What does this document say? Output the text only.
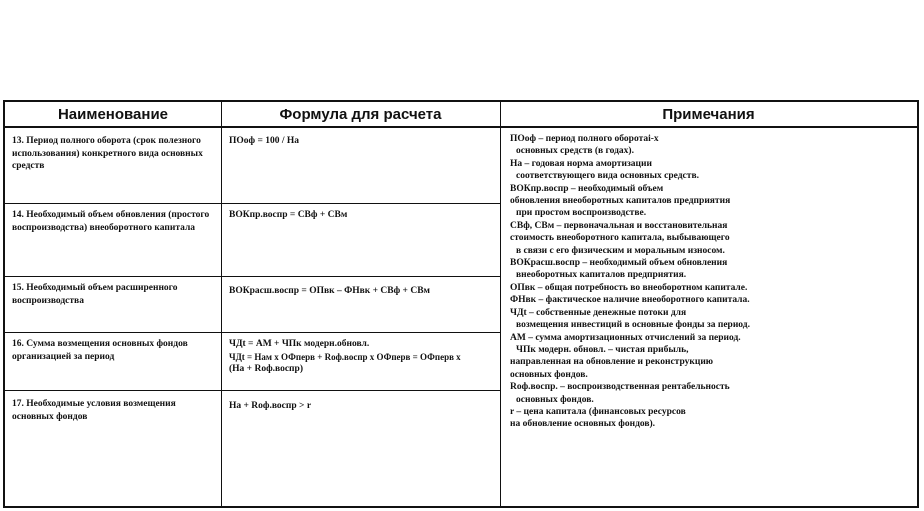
Наименование	Формула для расчета	Примечания
13. Период полного оборота (срок полезного использования) конкретного вида основных средств
ПОоф = 100 / На
14. Необходимый объем обновления (простого воспроизводства) внеоборотного капитала
ВОКпр.воспр = СВф + СВм
15. Необходимый объем расширенного воспроизводства
ВОКрасш.воспр = ОПвк – ФНвк + СВф + СВм
16. Сумма возмещения основных фондов организацией за период
ЧДt = АМ + ЧПк модерн.обновл.
ЧДt = Нам х ОФперв + Rоф.воспр х ОФперв = ОФперв х
(На + Rоф.воспр)
17. Необходимые условия возмещения основных фондов
На + Rоф.воспр > r
ПОоф – период полного оборотаi-х
основных средств (в годах).
На – годовая норма амортизации
соответствующего вида основных средств.
ВОКпр.воспр – необходимый объем
обновления внеоборотных капиталов предприятия
при простом воспроизводстве.
СВф, СВм – первоначальная и восстановительная
стоимость внеоборотного капитала, выбывающего
в связи с его физическим и моральным износом.
ВОКрасш.воспр – необходимый объем обновления
внеоборотных капиталов предприятия.
ОПвк – общая потребность во внеоборотном капитале.
ФНвк – фактическое наличие внеоборотного капитала.
ЧДt – собственные денежные потоки для
возмещения инвестиций в основные фонды за период.
АМ – сумма амортизационных отчислений за период.
ЧПк модерн. обновл. – чистая прибыль,
направленная на обновление и реконструкцию
основных фондов.
Rоф.воспр. – воспроизводственная рентабельность
основных фондов.
r – цена капитала (финансовых ресурсов
на обновление основных фондов).
